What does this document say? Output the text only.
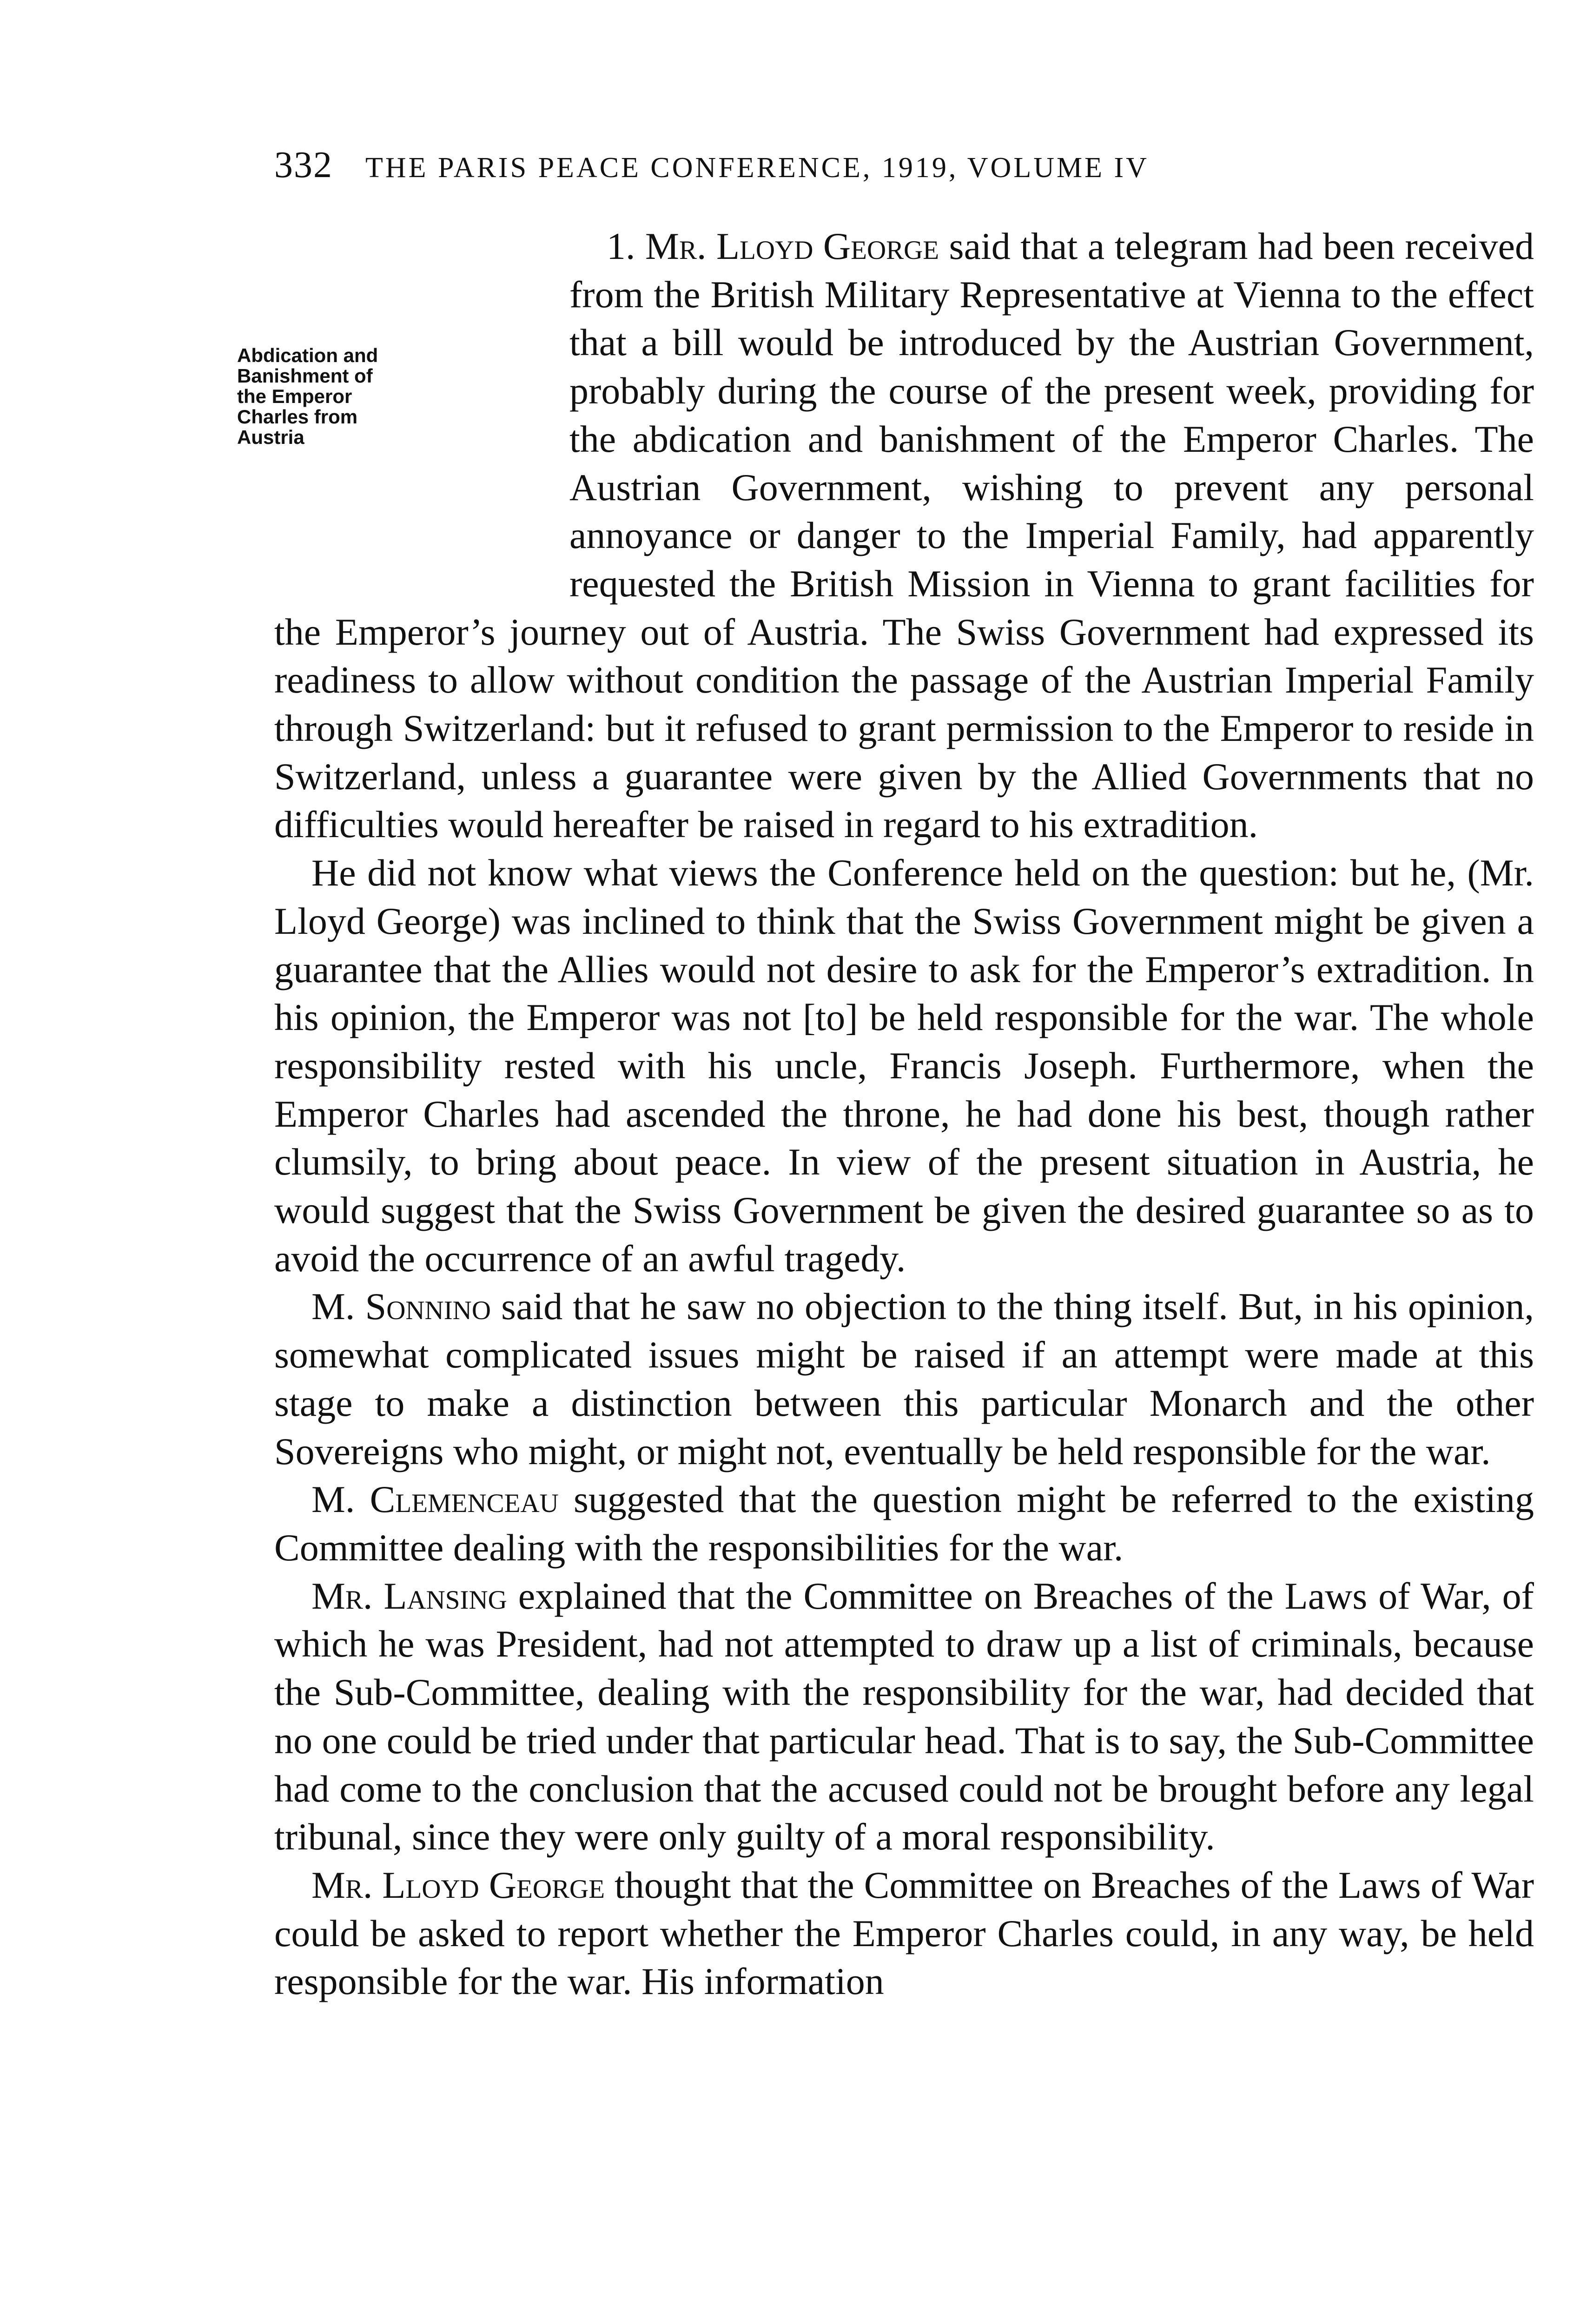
332 THE PARIS PEACE CONFERENCE, 1919, VOLUME IV

1. Mr. Lloyd George
Abdication and
Banishment of
the Emperor
Charles from
Austria
said that a telegram had been received from the British Military Representative at Vienna to the effect that a bill would be introduced by the Austrian Government, probably during the course of the present week, providing for the abdication and banishment of the Emperor Charles. The Austrian Government, wishing to prevent any personal annoyance or danger to the Imperial Family, had apparently requested the British Mission in Vienna to grant facilities for the Emperor’s journey out of Austria. The Swiss Government had expressed its readiness to allow without condition the passage of the Austrian Imperial Family through Switzerland: but it refused to grant permission to the Emperor to reside in Switzerland, unless a guarantee were given by the Allied Governments that no difficulties would hereafter be raised in regard to his extradition.

He did not know what views the Conference held on the question: but he, (Mr. Lloyd George) was inclined to think that the Swiss Government might be given a guarantee that the Allies would not desire to ask for the Emperor’s extradition. In his opinion, the Emperor was not [to] be held responsible for the war. The whole responsibility rested with his uncle, Francis Joseph. Furthermore, when the Emperor Charles had ascended the throne, he had done his best, though rather clumsily, to bring about peace. In view of the present situation in Austria, he would suggest that the Swiss Government be given the desired guarantee so as to avoid the occurrence of an awful tragedy.

M. Sonnino said that he saw no objection to the thing itself. But, in his opinion, somewhat complicated issues might be raised if an attempt were made at this stage to make a distinction between this particular Monarch and the other Sovereigns who might, or might not, eventually be held responsible for the war.

M. Clemenceau suggested that the question might be referred to the existing Committee dealing with the responsibilities for the war.

Mr. Lansing explained that the Committee on Breaches of the Laws of War, of which he was President, had not attempted to draw up a list of criminals, because the Sub-Committee, dealing with the responsibility for the war, had decided that no one could be tried under that particular head. That is to say, the Sub-Committee had come to the conclusion that the accused could not be brought before any legal tribunal, since they were only guilty of a moral responsibility.

Mr. Lloyd George thought that the Committee on Breaches of the Laws of War could be asked to report whether the Emperor Charles could, in any way, be held responsible for the war. His information
